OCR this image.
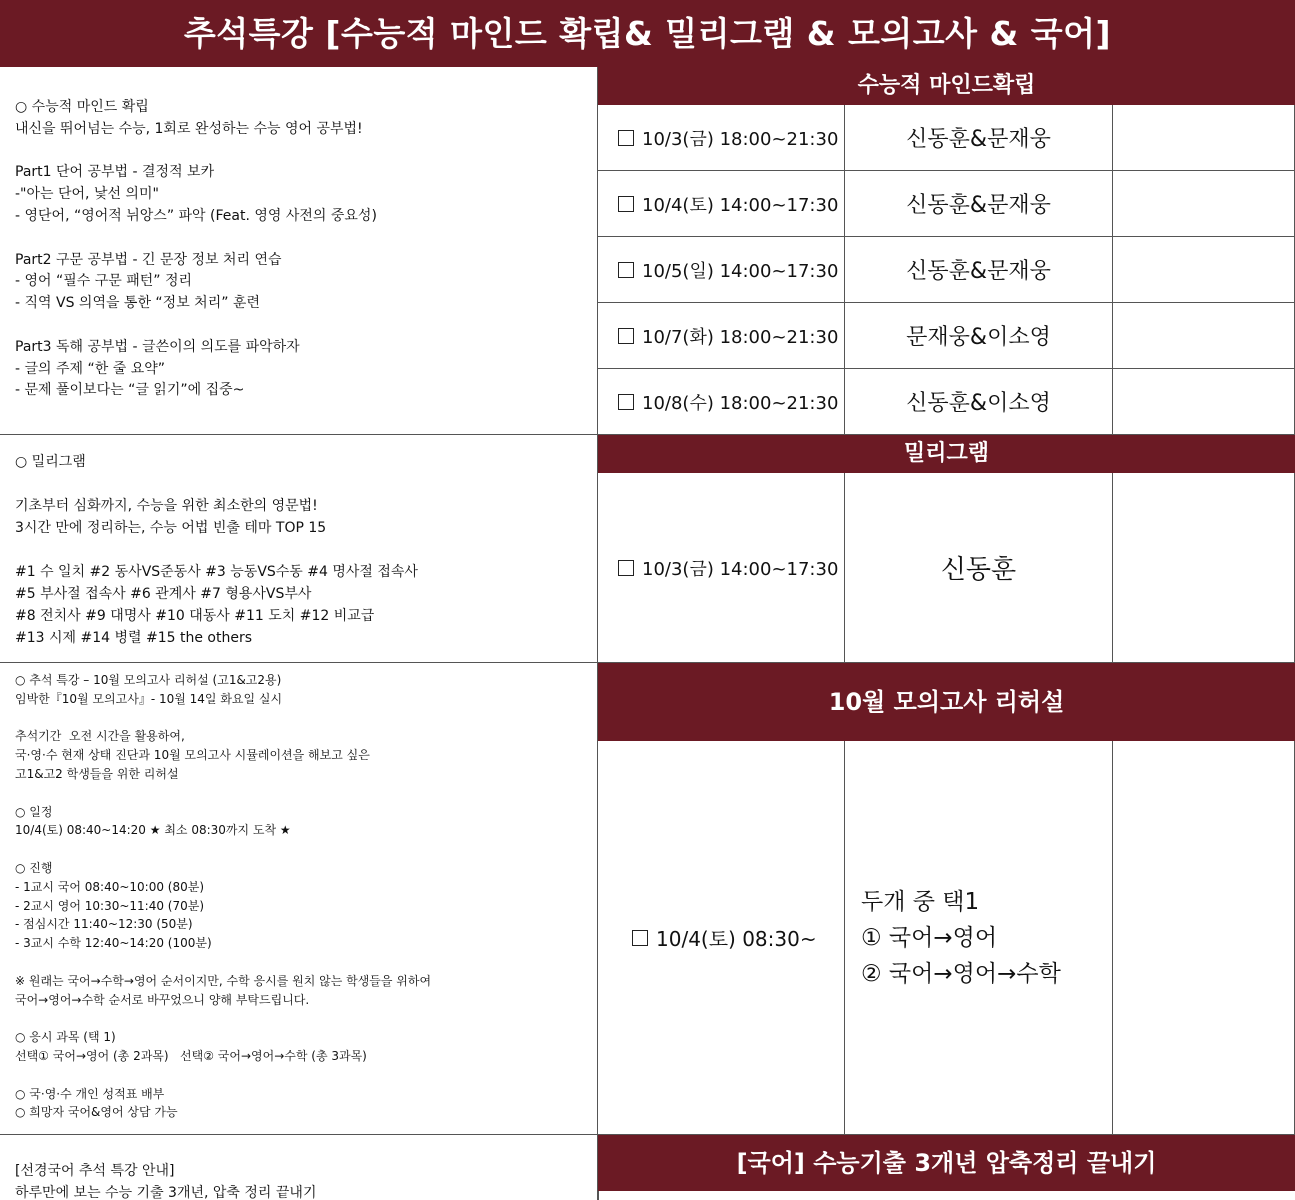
추석특강 [수능적 마인드 확립& 밀리그램 & 모의고사 & 국어]
○ 수능적 마인드 확립
내신을 뛰어넘는 수능, 1회로 완성하는 수능 영어 공부법!

Part1 단어 공부법 - 결정적 보카
-"아는 단어, 낯선 의미"
- 영단어, “영어적 뉘앙스” 파악 (Feat. 영영 사전의 중요성)

Part2 구문 공부법 - 긴 문장 정보 처리 연습
- 영어 “필수 구문 패턴” 정리
- 직역 VS 의역을 통한 “정보 처리” 훈련

Part3 독해 공부법 - 글쓴이의 의도를 파악하자
- 글의 주제 “한 줄 요약”
- 문제 풀이보다는 “글 읽기”에 집중~
수능적 마인드확립
10/3(금) 18:00~21:30	신동훈&문재웅
10/4(토) 14:00~17:30	신동훈&문재웅
10/5(일) 14:00~17:30	신동훈&문재웅
10/7(화) 18:00~21:30	문재웅&이소영
10/8(수) 18:00~21:30	신동훈&이소영
○ 밀리그램

기초부터 심화까지, 수능을 위한 최소한의 영문법!
3시간 만에 정리하는, 수능 어법 빈출 테마 TOP 15

#1 수 일치 #2 동사VS준동사 #3 능동VS수동 #4 명사절 접속사
#5 부사절 접속사 #6 관계사 #7 형용사VS부사
#8 전치사 #9 대명사 #10 대동사 #11 도치 #12 비교급
#13 시제 #14 병렬 #15 the others
밀리그램
10/3(금) 14:00~17:30	신동훈
○ 추석 특강 – 10월 모의고사 리허설 (고1&고2용)
임박한『10월 모의고사』- 10월 14일 화요일 실시

추석기간  오전 시간을 활용하여,
국·영·수 현재 상태 진단과 10월 모의고사 시뮬레이션을 해보고 싶은
고1&고2 학생들을 위한 리허설

○ 일정
10/4(토) 08:40~14:20 ★ 최소 08:30까지 도착 ★

○ 진행
- 1교시 국어 08:40~10:00 (80분)
- 2교시 영어 10:30~11:40 (70분)
- 점심시간 11:40~12:30 (50분)
- 3교시 수학 12:40~14:20 (100분)

※ 원래는 국어→수학→영어 순서이지만, 수학 응시를 원치 않는 학생들을 위하여
국어→영어→수학 순서로 바꾸었으니 양해 부탁드립니다.

○ 응시 과목 (택 1)
선택① 국어→영어 (총 2과목)   선택② 국어→영어→수학 (총 3과목)

○ 국·영·수 개인 성적표 배부
○ 희망자 국어&영어 상담 가능
10월 모의고사 리허설
10/4(토) 08:30~
두개 중 택1
① 국어→영어
② 국어→영어→수학
[선경국어 추석 특강 안내]
하루만에 보는 수능 기출 3개년, 압축 정리 끝내기
[국어] 수능기출 3개년 압축정리 끝내기
